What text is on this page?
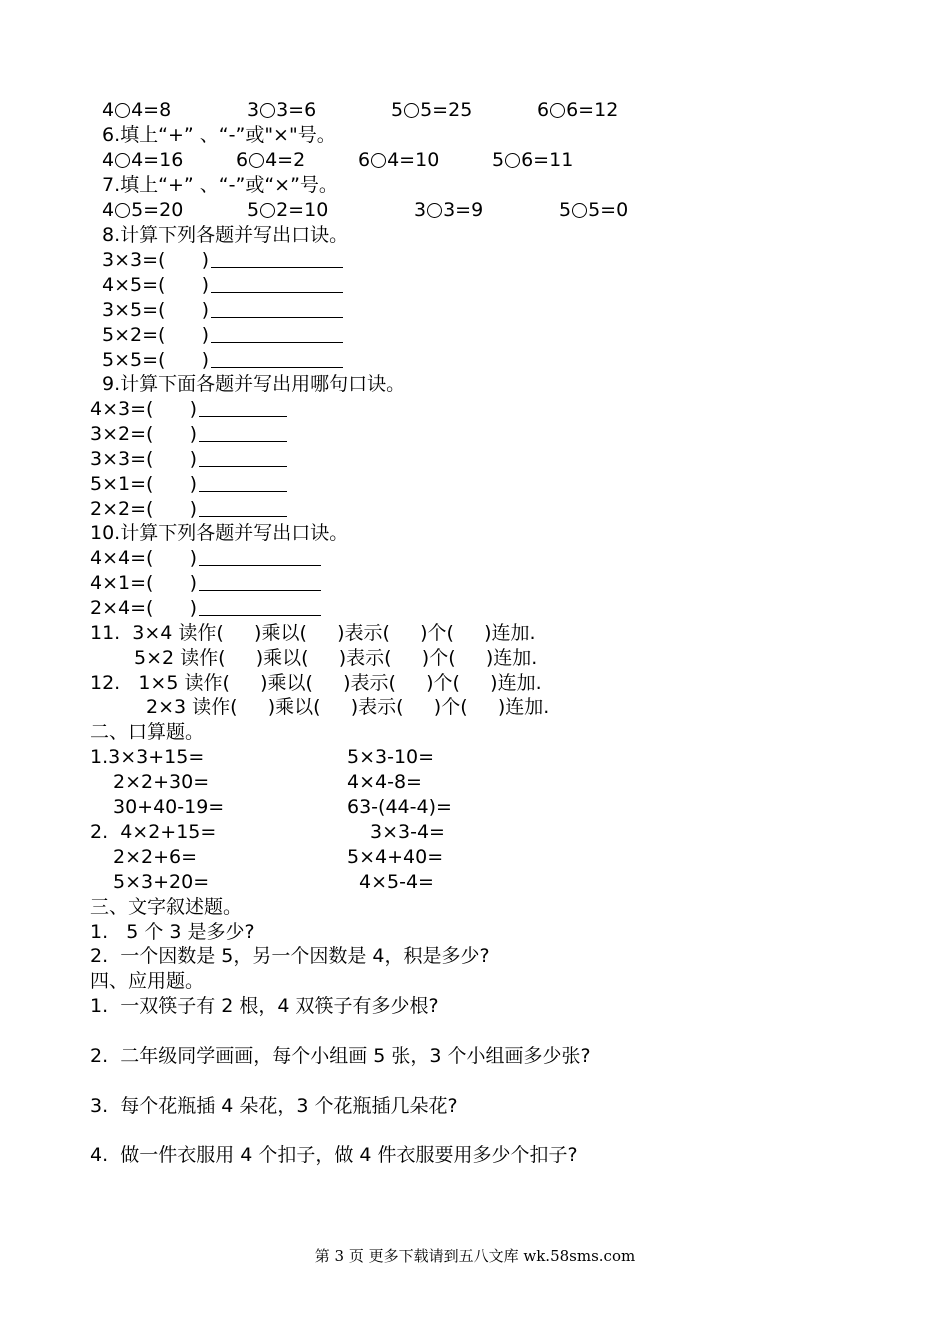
4 4=8	3 3=6	5 5=25	6 6=12
4 4=16	6 4=2	6 4=10	5 6=11
4 5=20	5 2=10	3 3=9	5 5=0
6.填上“+” 、“-”或"×"号。
7.填上“+” 、“-”或“×”号。
8.计算下列各题并写出口诀。
9.计算下面各题并写出用哪句口诀。
10.计算下列各题并写出口诀。
3×3=(      )
4×5=(      )
3×5=(      )
5×2=(      )
5×5=(      )
4×3=(      )
3×2=(      )
3×3=(      )
5×1=(      )
2×2=(      )
4×4=(      )
4×1=(      )
2×4=(      )
11.  3×4 读作(     )乘以(     )表示(     )个(     )连加.
5×2 读作(     )乘以(     )表示(     )个(     )连加.
12.   1×5 读作(     )乘以(     )表示(     )个(     )连加.
2×3 读作(     )乘以(     )表示(     )个(     )连加.
二、口算题。
1.3×3+15=	5×3-10=
2×2+30=	4×4-8=
30+40-19=	63-(44-4)=
2.  4×2+15=	3×3-4=
2×2+6=	5×4+40=
5×3+20=	4×5-4=
三、文字叙述题。
1.   5 个 3 是多少?
2.  一个因数是 5，另一个因数是 4，积是多少?
四、应用题。
1.  一双筷子有 2 根，4 双筷子有多少根?
2.  二年级同学画画，每个小组画 5 张，3 个小组画多少张?
3.  每个花瓶插 4 朵花，3 个花瓶插几朵花?
4.  做一件衣服用 4 个扣子，做 4 件衣服要用多少个扣子?
第 3 页 更多下载请到五八文库 wk.58sms.com
